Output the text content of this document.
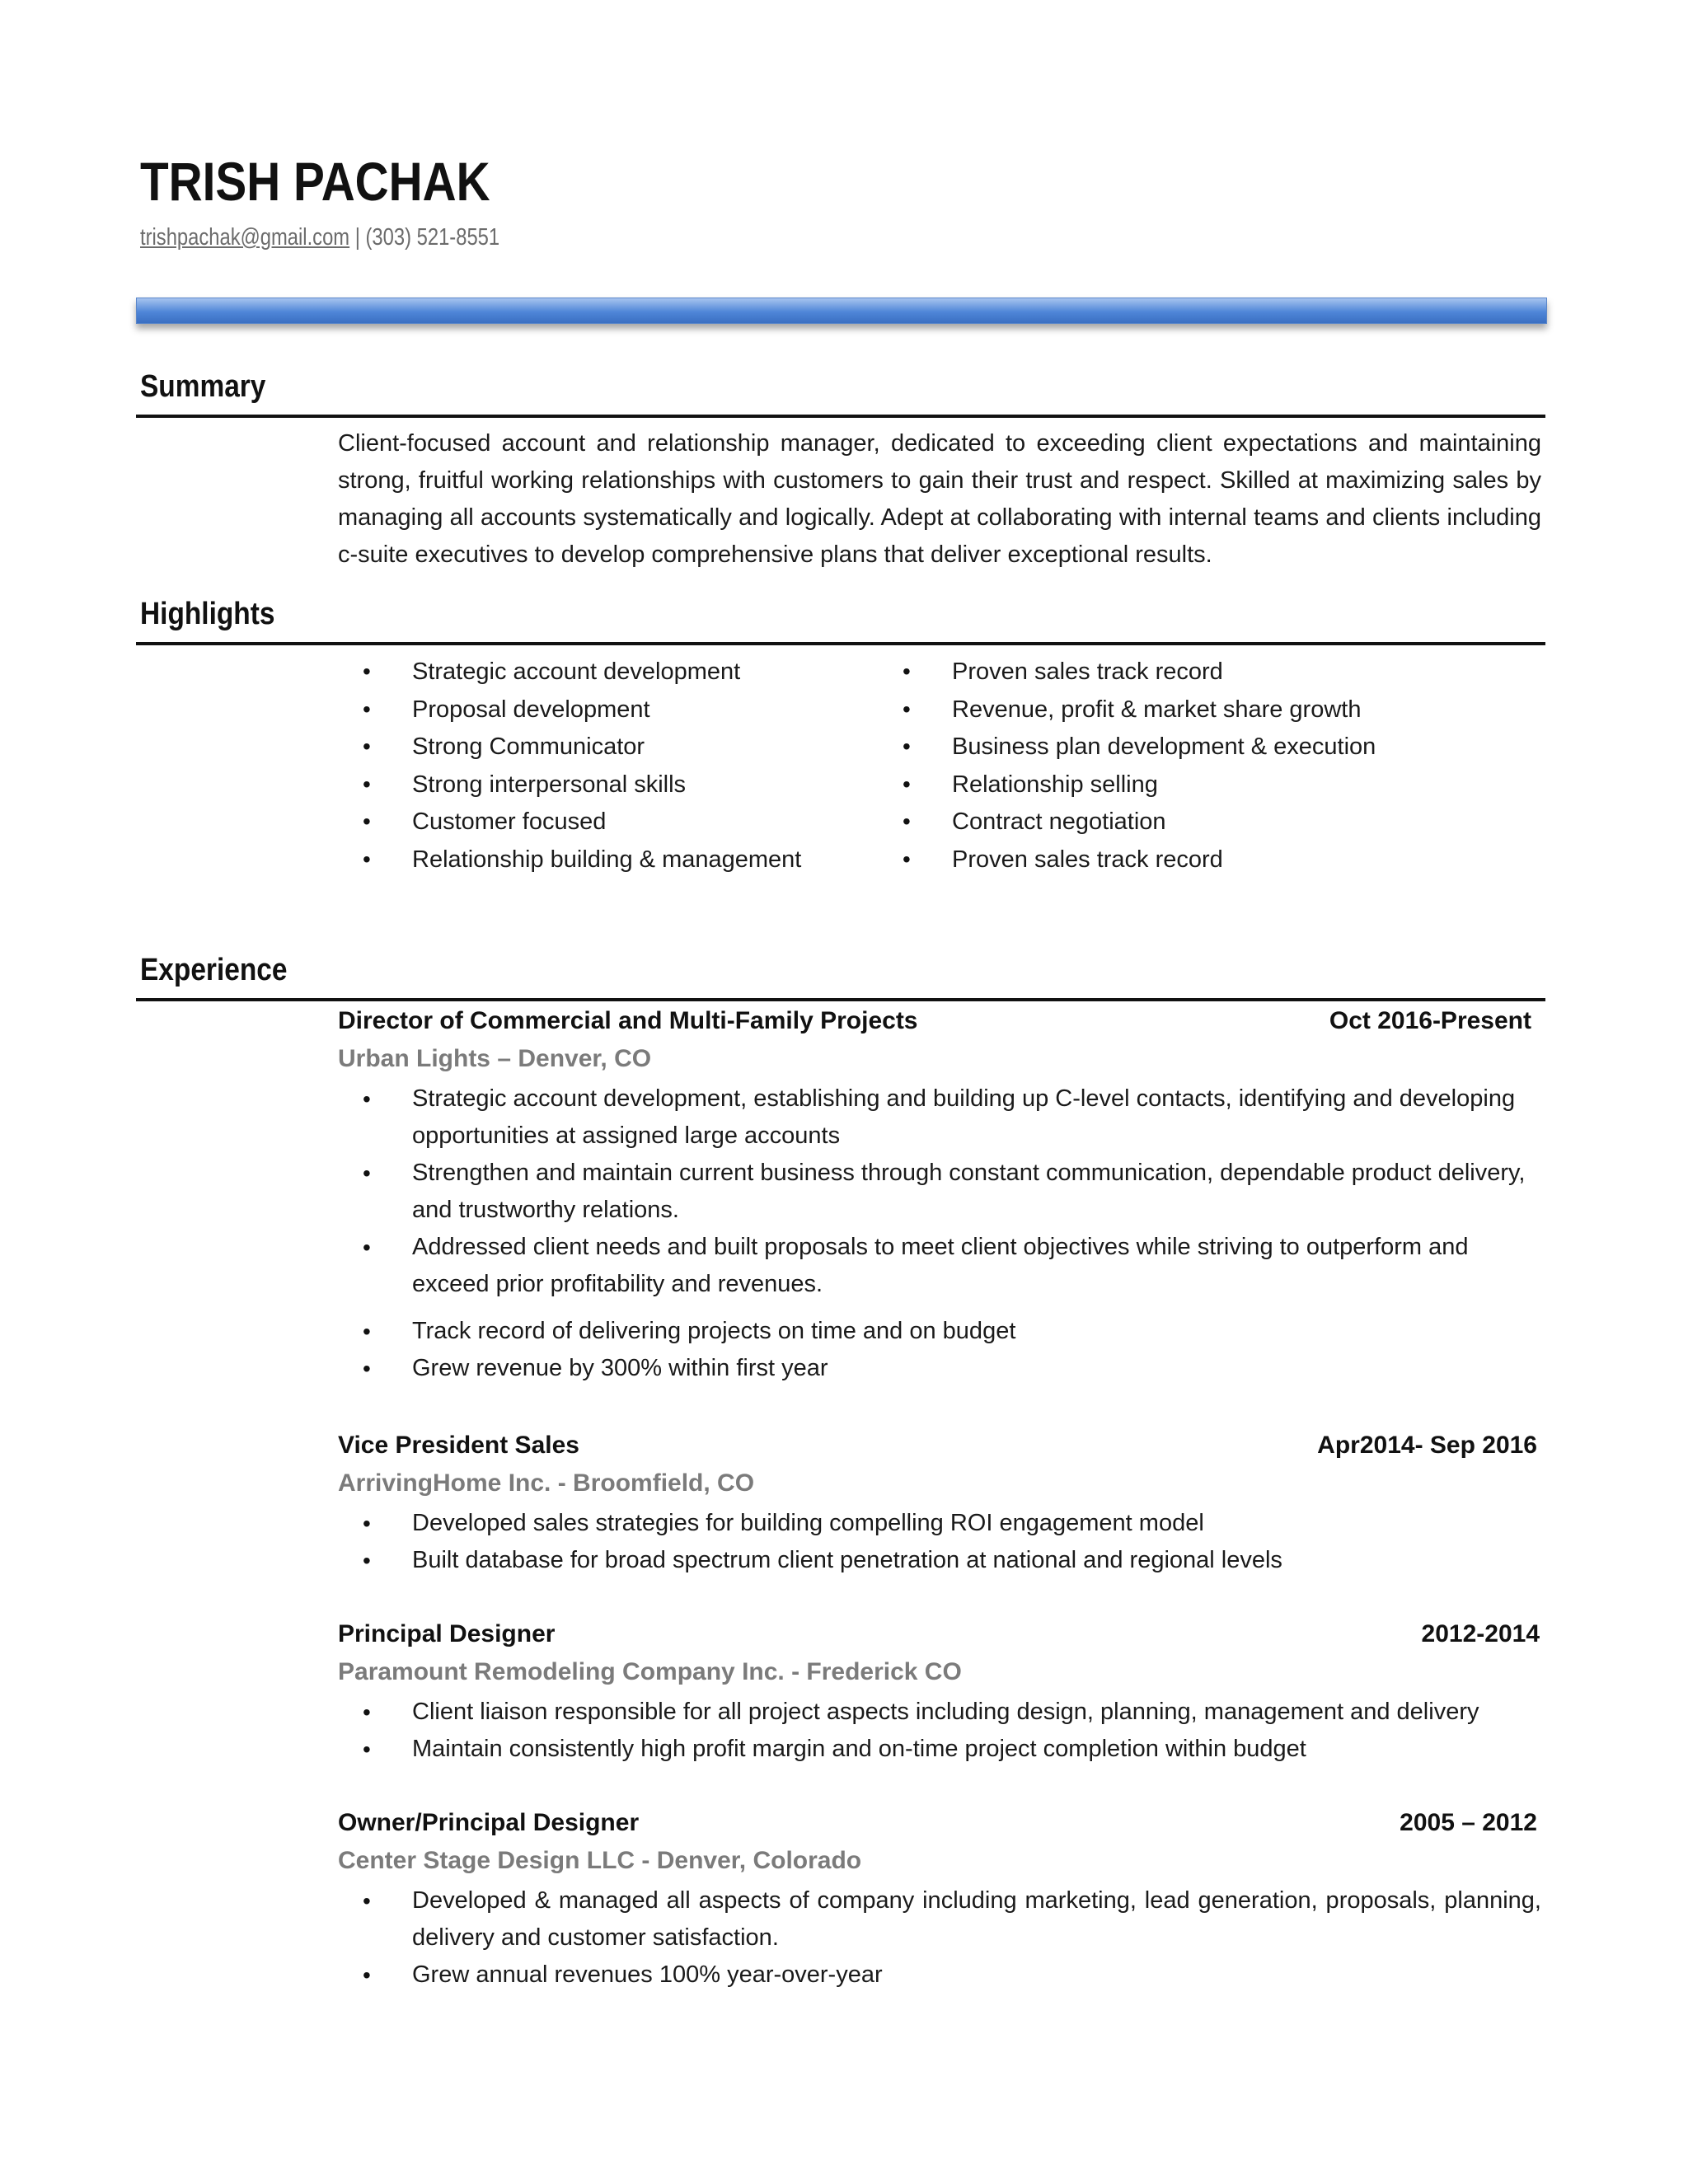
TRISH PACHAK
trishpachak@gmail.com | (303) 521-8551
Summary

Client-focused account and relationship manager, dedicated to exceeding client expectations and maintaining strong, fruitful working relationships with customers to gain their trust and respect. Skilled at maximizing sales by managing all accounts systematically and logically. Adept at collaborating with internal teams and clients including c-suite executives to develop comprehensive plans that deliver exceptional results.

Highlights
• Strategic account development
• Proposal development
• Strong Communicator
• Strong interpersonal skills
• Customer focused
• Relationship building & management
• Proven sales track record
• Revenue, profit & market share growth
• Business plan development & execution
• Relationship selling
• Contract negotiation
• Proven sales track record
Experience
Director of Commercial and Multi-Family Projects	Oct 2016-Present
Urban Lights – Denver, CO
• Strategic account development, establishing and building up C-level contacts, identifying and developing opportunities at assigned large accounts
• Strengthen and maintain current business through constant communication, dependable product delivery, and trustworthy relations.
• Addressed client needs and built proposals to meet client objectives while striving to outperform and exceed prior profitability and revenues.
• Track record of delivering projects on time and on budget
• Grew revenue by 300% within first year
Vice President Sales	Apr2014- Sep 2016
ArrivingHome Inc. - Broomfield, CO
• Developed sales strategies for building compelling ROI engagement model
• Built database for broad spectrum client penetration at national and regional levels
Principal Designer	2012-2014
Paramount Remodeling Company Inc. - Frederick CO
• Client liaison responsible for all project aspects including design, planning, management and delivery
• Maintain consistently high profit margin and on-time project completion within budget
Owner/Principal Designer	2005 – 2012
Center Stage Design LLC - Denver, Colorado
• Developed & managed all aspects of company including marketing, lead generation, proposals, planning, delivery and customer satisfaction.
• Grew annual revenues 100% year-over-year
